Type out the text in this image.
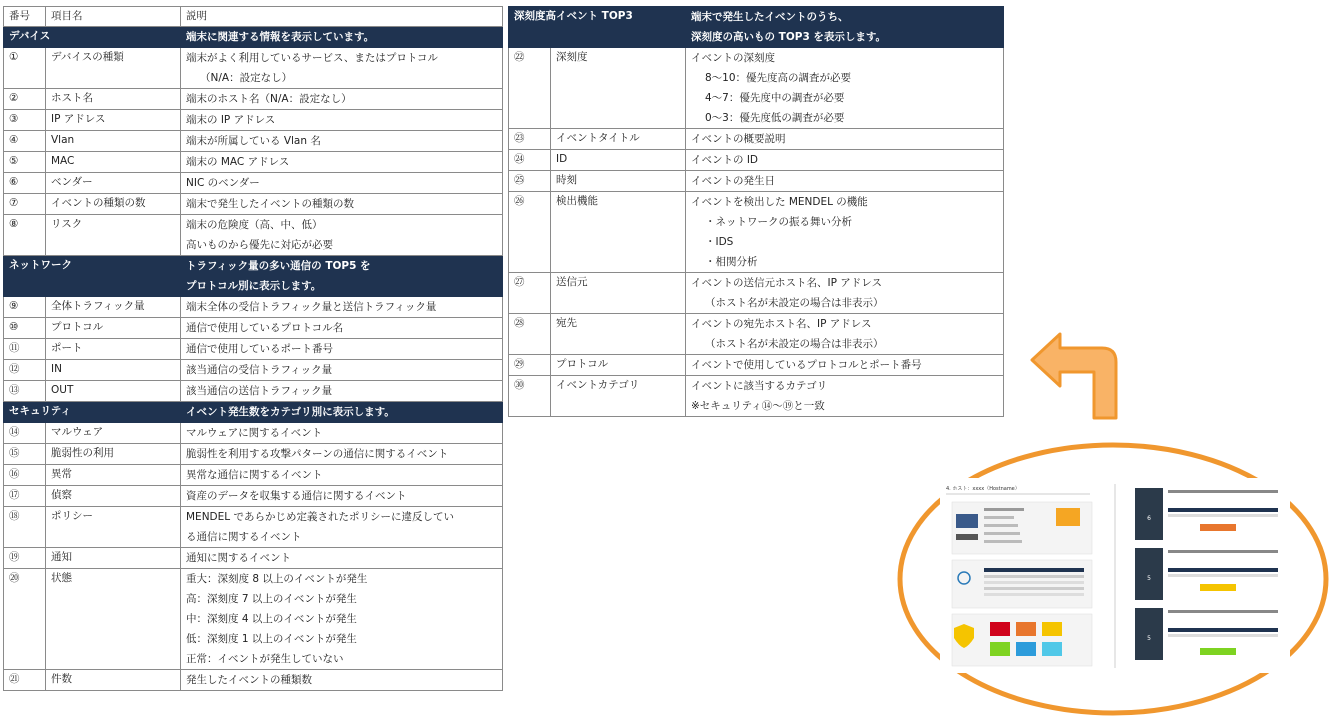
番号	項目名	説明
デバイス		端末に関連する情報を表示しています。

①	デバイスの種類	端末がよく利用しているサービス、またはプロトコル
（N/A：設定なし）

②	ホスト名	端末のホスト名（N/A：設定なし）

③	IP アドレス	端末の IP アドレス

④	Vlan	端末が所属している Vlan 名

⑤	MAC	端末の MAC アドレス

⑥	ベンダー	NIC のベンダー

⑦	イベントの種類の数	端末で発生したイベントの種類の数

⑧	リスク	端末の危険度（高、中、低）
高いものから優先に対応が必要

ネットワーク		トラフィック量の多い通信の TOP5 を
プロトコル別に表示します。

⑨	全体トラフィック量	端末全体の受信トラフィック量と送信トラフィック量

⑩	プロトコル	通信で使用しているプロトコル名

⑪	ポート	通信で使用しているポート番号

⑫	IN	該当通信の受信トラフィック量

⑬	OUT	該当通信の送信トラフィック量

セキュリティ		イベント発生数をカテゴリ別に表示します。

⑭	マルウェア	マルウェアに関するイベント

⑮	脆弱性の利用	脆弱性を利用する攻撃パターンの通信に関するイベント

⑯	異常	異常な通信に関するイベント

⑰	偵察	資産のデータを収集する通信に関するイベント

⑱	ポリシー	MENDEL であらかじめ定義されたポリシーに違反してい
る通信に関するイベント

⑲	通知	通知に関するイベント

⑳	状態	重大：深刻度 8 以上のイベントが発生
高：深刻度 7 以上のイベントが発生
中：深刻度 4 以上のイベントが発生
低：深刻度 1 以上のイベントが発生
正常：イベントが発生していない

㉑	件数	発生したイベントの種類数
深刻度高イベント TOP3		端末で発生したイベントのうち、
深刻度の高いもの TOP3 を表示します。

㉒	深刻度	イベントの深刻度
8～10：優先度高の調査が必要
4～7：優先度中の調査が必要
0～3：優先度低の調査が必要

㉓	イベントタイトル	イベントの概要説明

㉔	ID	イベントの ID

㉕	時刻	イベントの発生日

㉖	検出機能	イベントを検出した MENDEL の機能
・ネットワークの振る舞い分析
・IDS
・相関分析

㉗	送信元	イベントの送信元ホスト名、IP アドレス
（ホスト名が未設定の場合は非表示）

㉘	宛先	イベントの宛先ホスト名、IP アドレス
（ホスト名が未設定の場合は非表示）

㉙	プロトコル	イベントで使用しているプロトコルとポート番号

㉚	イベントカテゴリ	イベントに該当するカテゴリ
※セキュリティ⑭～⑲と一致
4. ホスト：xxxx（Hostname）
6
5
5
